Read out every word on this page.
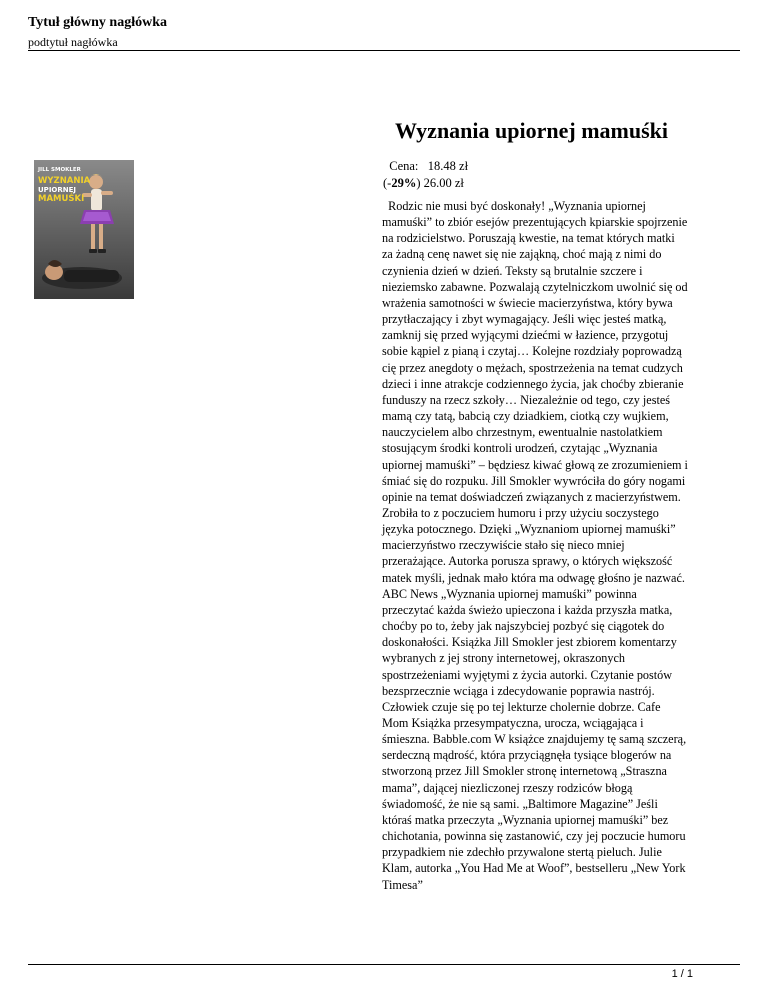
Tytuł główny nagłówka
podtytuł nagłówka
Wyznania upiornej mamuśki
JILL SMOKLER
WYZNANIA
UPIORNEJ
MAMUŚKI
Cena: 18.48 zł
(-29%) 26.00 zł
Rodzic nie musi być doskonały! „Wyznania upiornej mamuśki” to zbiór esejów prezentujących kpiarskie spojrzenie na rodzicielstwo. Poruszają kwestie, na temat których matki za żadną cenę nawet się nie zająkną, choć mają z nimi do czynienia dzień w dzień. Teksty są brutalnie szczere i nieziemsko zabawne. Pozwalają czytelniczkom uwolnić się od wrażenia samotności w świecie macierzyństwa, który bywa przytłaczający i zbyt wymagający. Jeśli więc jesteś matką, zamknij się przed wyjącymi dziećmi w łazience, przygotuj sobie kąpiel z pianą i czytaj… Kolejne rozdziały poprowadzą cię przez anegdoty o mężach, spostrzeżenia na temat cudzych dzieci i inne atrakcje codziennego życia, jak choćby zbieranie funduszy na rzecz szkoły… Niezależnie od tego, czy jesteś mamą czy tatą, babcią czy dziadkiem, ciotką czy wujkiem, nauczycielem albo chrzestnym, ewentualnie nastolatkiem stosującym środki kontroli urodzeń, czytając „Wyznania upiornej mamuśki” – będziesz kiwać głową ze zrozumieniem i śmiać się do rozpuku. Jill Smokler wywróciła do góry nogami opinie na temat doświadczeń związanych z macierzyństwem. Zrobiła to z poczuciem humoru i przy użyciu soczystego języka potocznego. Dzięki „Wyznaniom upiornej mamuśki” macierzyństwo rzeczywiście stało się nieco mniej przerażające. Autorka porusza sprawy, o których większość matek myśli, jednak mało która ma odwagę głośno je nazwać. ABC News „Wyznania upiornej mamuśki” powinna przeczytać każda świeżo upieczona i każda przyszła matka, choćby po to, żeby jak najszybciej pozbyć się ciągotek do doskonałości. Książka Jill Smokler jest zbiorem komentarzy wybranych z jej strony internetowej, okraszonych spostrzeżeniami wyjętymi z życia autorki. Czytanie postów bezsprzecznie wciąga i zdecydowanie poprawia nastrój. Człowiek czuje się po tej lekturze cholernie dobrze. Cafe Mom Książka przesympatyczna, urocza, wciągająca i śmieszna. Babble.com W książce znajdujemy tę samą szczerą, serdeczną mądrość, która przyciągnęła tysiące blogerów na stworzoną przez Jill Smokler stronę internetową „Straszna mama”, dającej niezliczonej rzeszy rodziców błogą świadomość, że nie są sami. „Baltimore Magazine” Jeśli któraś matka przeczyta „Wyznania upiornej mamuśki” bez chichotania, powinna się zastanowić, czy jej poczucie humoru przypadkiem nie zdechło przywalone stertą pieluch. Julie Klam, autorka „You Had Me at Woof”, bestselleru „New York Timesa”
1 / 1
